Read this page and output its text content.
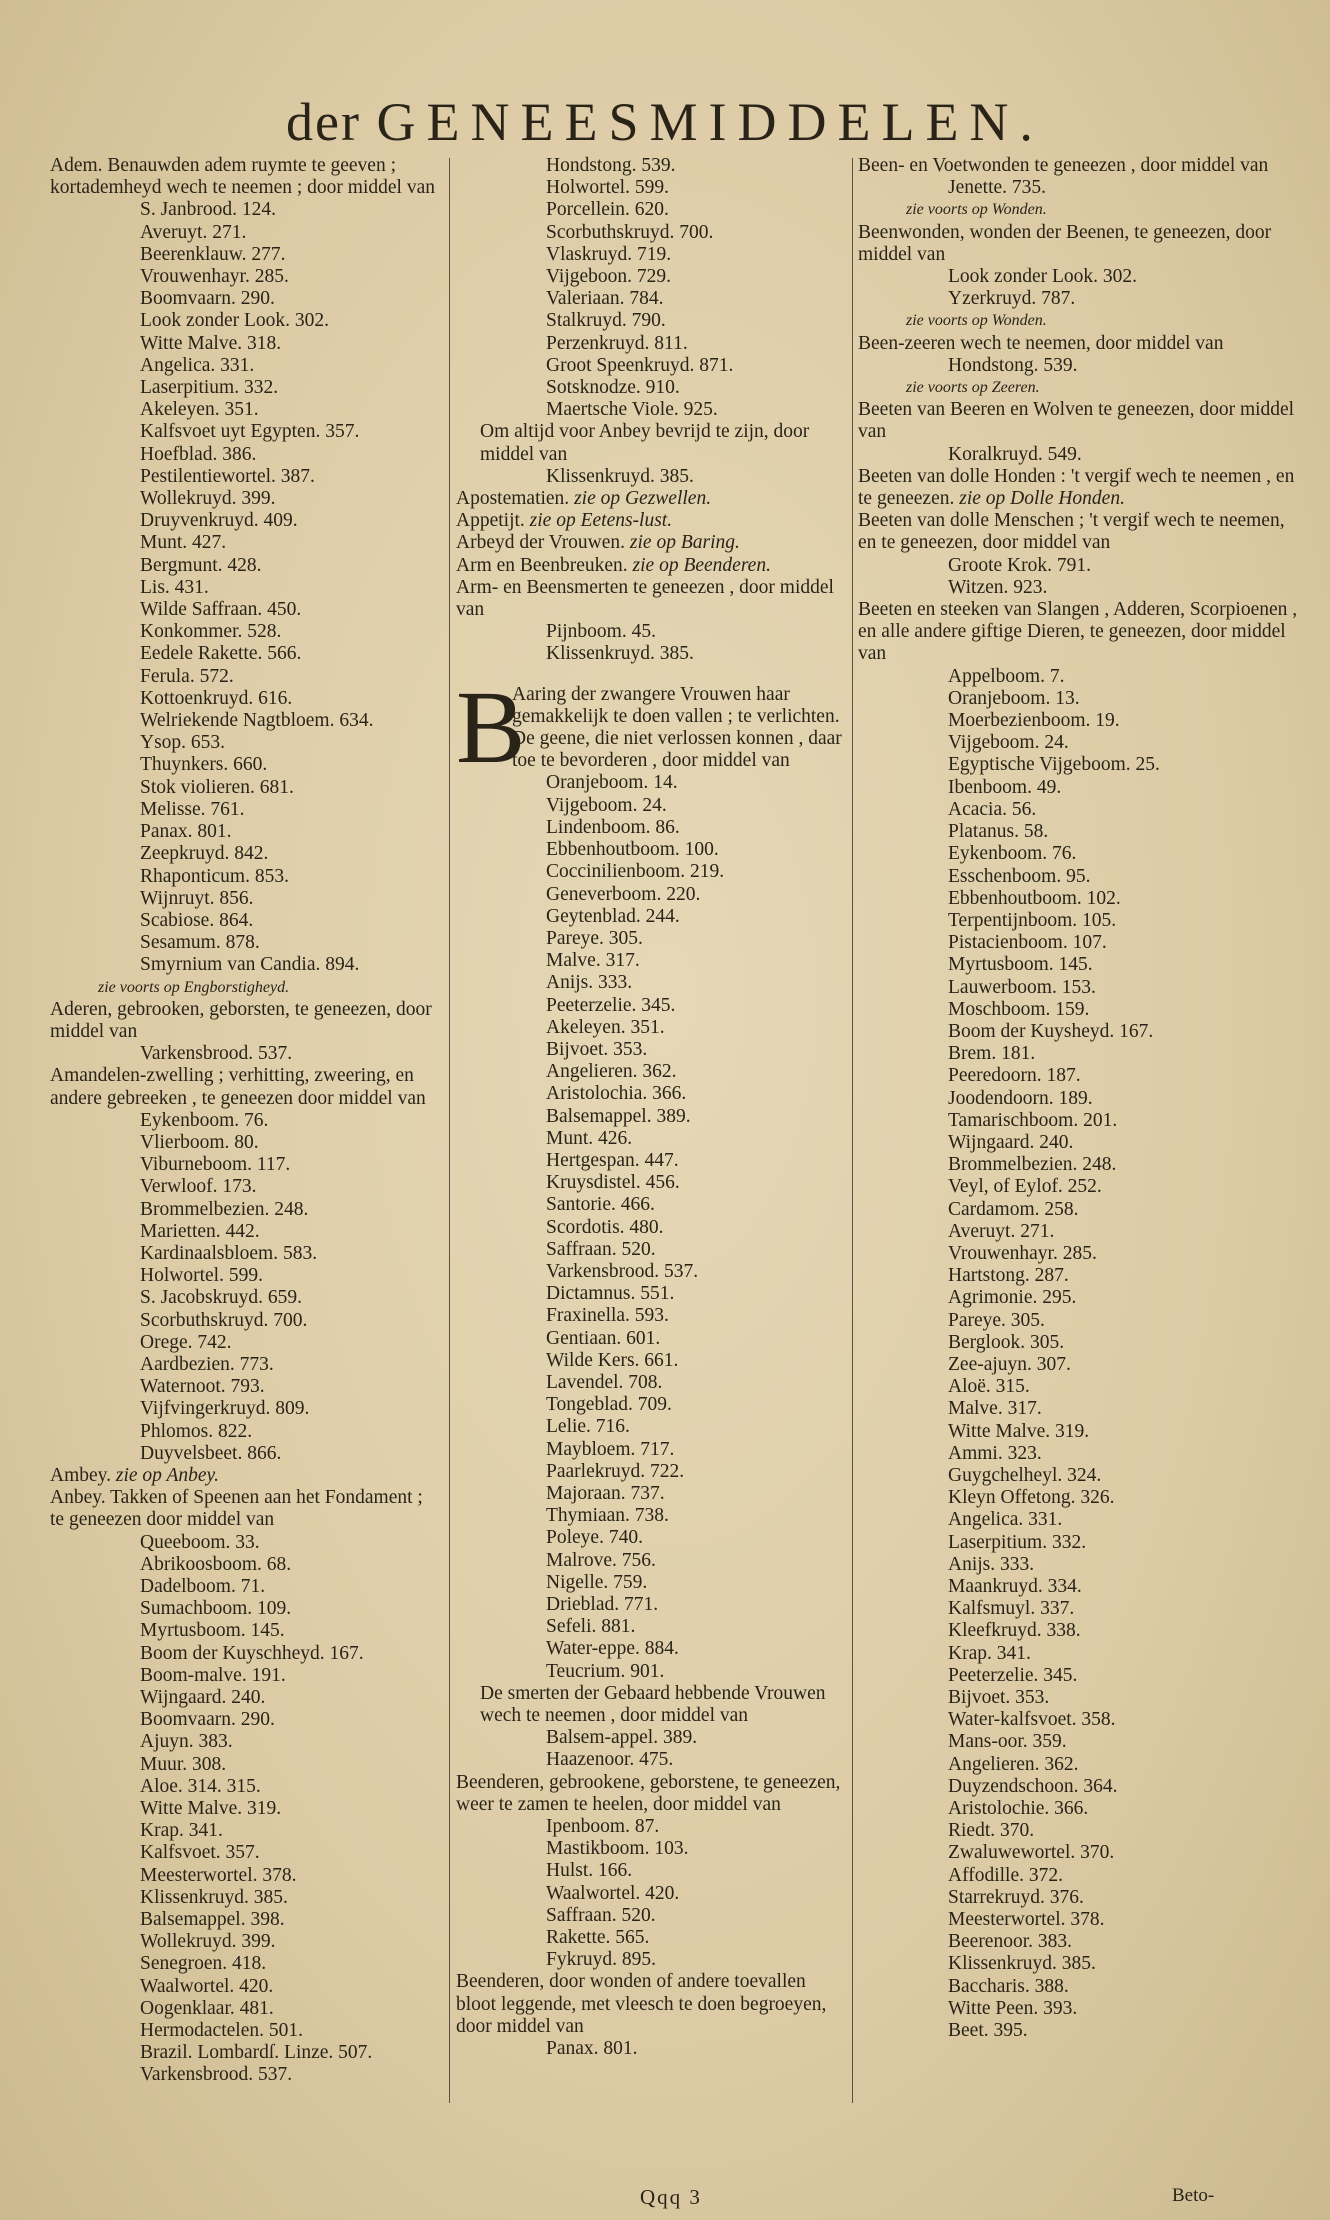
der GENEESMIDDELEN.
Adem. Benauwden adem ruymte te geeven ; kortademheyd wech te neemen ; door middel van
S. Janbrood. 124.
Averuyt. 271.
Beerenklauw. 277.
Vrouwenhayr. 285.
Boomvaarn. 290.
Look zonder Look. 302.
Witte Malve. 318.
Angelica. 331.
Laserpitium. 332.
Akeleyen. 351.
Kalfsvoet uyt Egypten. 357.
Hoefblad. 386.
Pestilentiewortel. 387.
Wollekruyd. 399.
Druyvenkruyd. 409.
Munt. 427.
Bergmunt. 428.
Lis. 431.
Wilde Saffraan. 450.
Konkommer. 528.
Eedele Rakette. 566.
Ferula. 572.
Kottoenkruyd. 616.
Welriekende Nagtbloem. 634.
Ysop. 653.
Thuynkers. 660.
Stok violieren. 681.
Melisse. 761.
Panax. 801.
Zeepkruyd. 842.
Rhaponticum. 853.
Wijnruyt. 856.
Scabiose. 864.
Sesamum. 878.
Smyrnium van Candia. 894.
zie voorts op Engborstigheyd.
Aderen, gebrooken, geborsten, te geneezen, door middel van
Varkensbrood. 537.
Amandelen-zwelling ; verhitting, zweering, en andere gebreeken , te geneezen door middel van
Eykenboom. 76.
Vlierboom. 80.
Viburneboom. 117.
Verwloof. 173.
Brommelbezien. 248.
Marietten. 442.
Kardinaalsbloem. 583.
Holwortel. 599.
S. Jacobskruyd. 659.
Scorbuthskruyd. 700.
Orege. 742.
Aardbezien. 773.
Waternoot. 793.
Vijfvingerkruyd. 809.
Phlomos. 822.
Duyvelsbeet. 866.
Ambey. zie op Anbey.
Anbey. Takken of Speenen aan het Fondament ; te geneezen door middel van
Queeboom. 33.
Abrikoosboom. 68.
Dadelboom. 71.
Sumachboom. 109.
Myrtusboom. 145.
Boom der Kuyschheyd. 167.
Boom-malve. 191.
Wijngaard. 240.
Boomvaarn. 290.
Ajuyn. 383.
Muur. 308.
Aloe. 314. 315.
Witte Malve. 319.
Krap. 341.
Kalfsvoet. 357.
Meesterwortel. 378.
Klissenkruyd. 385.
Balsemappel. 398.
Wollekruyd. 399.
Senegroen. 418.
Waalwortel. 420.
Oogenklaar. 481.
Hermodactelen. 501.
Brazil. Lombardſ. Linze. 507.
Varkensbrood. 537.
Hondstong. 539.
Holwortel. 599.
Porcellein. 620.
Scorbuthskruyd. 700.
Vlaskruyd. 719.
Vijgeboon. 729.
Valeriaan. 784.
Stalkruyd. 790.
Perzenkruyd. 811.
Groot Speenkruyd. 871.
Sotsknodze. 910.
Maertsche Viole. 925.
Om altijd voor Anbey bevrijd te zijn, door middel van
Klissenkruyd. 385.
Apostematien. zie op Gezwellen.
Appetijt. zie op Eetens-lust.
Arbeyd der Vrouwen. zie op Baring.
Arm en Beenbreuken. zie op Beenderen.
Arm- en Beensmerten te geneezen , door middel van
Pijnboom. 45.
Klissenkruyd. 385.
B
Aaring der zwangere Vrouwen haar gemakkelijk te doen vallen ; te verlichten. De geene, die niet verlossen konnen , daar toe te bevorderen , door middel van
Oranjeboom. 14.
Vijgeboom. 24.
Lindenboom. 86.
Ebbenhoutboom. 100.
Coccinilienboom. 219.
Geneverboom. 220.
Geytenblad. 244.
Pareye. 305.
Malve. 317.
Anijs. 333.
Peeterzelie. 345.
Akeleyen. 351.
Bijvoet. 353.
Angelieren. 362.
Aristolochia. 366.
Balsemappel. 389.
Munt. 426.
Hertgespan. 447.
Kruysdistel. 456.
Santorie. 466.
Scordotis. 480.
Saffraan. 520.
Varkensbrood. 537.
Dictamnus. 551.
Fraxinella. 593.
Gentiaan. 601.
Wilde Kers. 661.
Lavendel. 708.
Tongeblad. 709.
Lelie. 716.
Maybloem. 717.
Paarlekruyd. 722.
Majoraan. 737.
Thymiaan. 738.
Poleye. 740.
Malrove. 756.
Nigelle. 759.
Drieblad. 771.
Sefeli. 881.
Water-eppe. 884.
Teucrium. 901.
De smerten der Gebaard hebbende Vrouwen wech te neemen , door middel van
Balsem-appel. 389.
Haazenoor. 475.
Beenderen, gebrookene, geborstene, te geneezen, weer te zamen te heelen, door middel van
Ipenboom. 87.
Mastikboom. 103.
Hulst. 166.
Waalwortel. 420.
Saffraan. 520.
Rakette. 565.
Fykruyd. 895.
Beenderen, door wonden of andere toevallen bloot leggende, met vleesch te doen begroeyen, door middel van
Panax. 801.
Been- en Voetwonden te geneezen , door middel van
Jenette. 735.
zie voorts op Wonden.
Beenwonden, wonden der Beenen, te geneezen, door middel van
Look zonder Look. 302.
Yzerkruyd. 787.
zie voorts op Wonden.
Been-zeeren wech te neemen, door middel van
Hondstong. 539.
zie voorts op Zeeren.
Beeten van Beeren en Wolven te geneezen, door middel van
Koralkruyd. 549.
Beeten van dolle Honden : 't vergif wech te neemen , en te geneezen. zie op Dolle Honden.
Beeten van dolle Menschen ; 't vergif wech te neemen, en te geneezen, door middel van
Groote Krok. 791.
Witzen. 923.
Beeten en steeken van Slangen , Adderen, Scorpioenen , en alle andere giftige Dieren, te geneezen, door middel van
Appelboom. 7.
Oranjeboom. 13.
Moerbezienboom. 19.
Vijgeboom. 24.
Egyptische Vijgeboom. 25.
Ibenboom. 49.
Acacia. 56.
Platanus. 58.
Eykenboom. 76.
Esschenboom. 95.
Ebbenhoutboom. 102.
Terpentijnboom. 105.
Pistacienboom. 107.
Myrtusboom. 145.
Lauwerboom. 153.
Moschboom. 159.
Boom der Kuysheyd. 167.
Brem. 181.
Peeredoorn. 187.
Joodendoorn. 189.
Tamarischboom. 201.
Wijngaard. 240.
Brommelbezien. 248.
Veyl, of Eylof. 252.
Cardamom. 258.
Averuyt. 271.
Vrouwenhayr. 285.
Hartstong. 287.
Agrimonie. 295.
Pareye. 305.
Berglook. 305.
Zee-ajuyn. 307.
Aloë. 315.
Malve. 317.
Witte Malve. 319.
Ammi. 323.
Guygchelheyl. 324.
Kleyn Offetong. 326.
Angelica. 331.
Laserpitium. 332.
Anijs. 333.
Maankruyd. 334.
Kalfsmuyl. 337.
Kleefkruyd. 338.
Krap. 341.
Peeterzelie. 345.
Bijvoet. 353.
Water-kalfsvoet. 358.
Mans-oor. 359.
Angelieren. 362.
Duyzendschoon. 364.
Aristolochie. 366.
Riedt. 370.
Zwaluwewortel. 370.
Affodille. 372.
Starrekruyd. 376.
Meesterwortel. 378.
Beerenoor. 383.
Klissenkruyd. 385.
Baccharis. 388.
Witte Peen. 393.
Beet. 395.
Qqq 3	Beto-
